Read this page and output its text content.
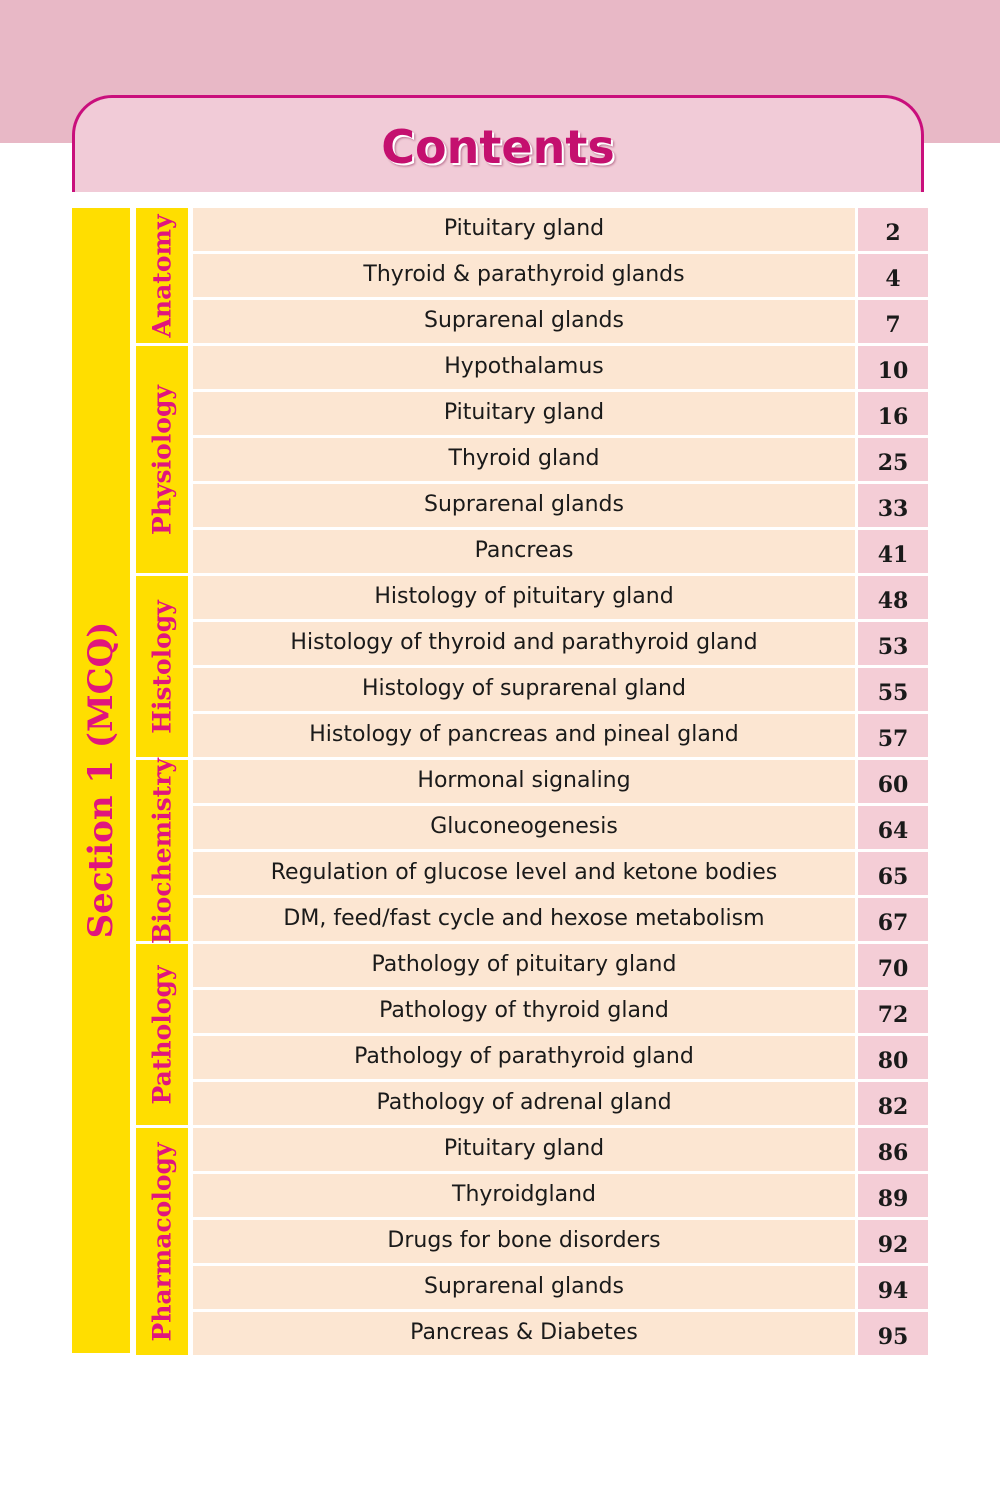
Contents
Section 1 (MCQ)
Anatomy	Pituitary gland	2
Thyroid & parathyroid glands	4
Suprarenal glands	7
Physiology
Hypothalamus	10
Pituitary gland	16
Thyroid gland	25
Suprarenal glands	33
Pancreas	41
Histology
Histology of pituitary gland	48
Histology of thyroid and parathyroid gland	53
Histology of suprarenal gland	55
Histology of pancreas and pineal gland	57
Biochemistry	Hormonal signaling	60
Gluconeogenesis	64
Regulation of glucose level and ketone bodies	65
DM, feed/fast cycle and hexose metabolism	67
Pathology
Pathology of pituitary gland	70
Pathology of thyroid gland	72
Pathology of parathyroid gland	80
Pathology of adrenal gland	82
Pharmacology	Pituitary gland	86
Thyroidgland	89
Drugs for bone disorders	92
Suprarenal glands	94
Pancreas & Diabetes	95
